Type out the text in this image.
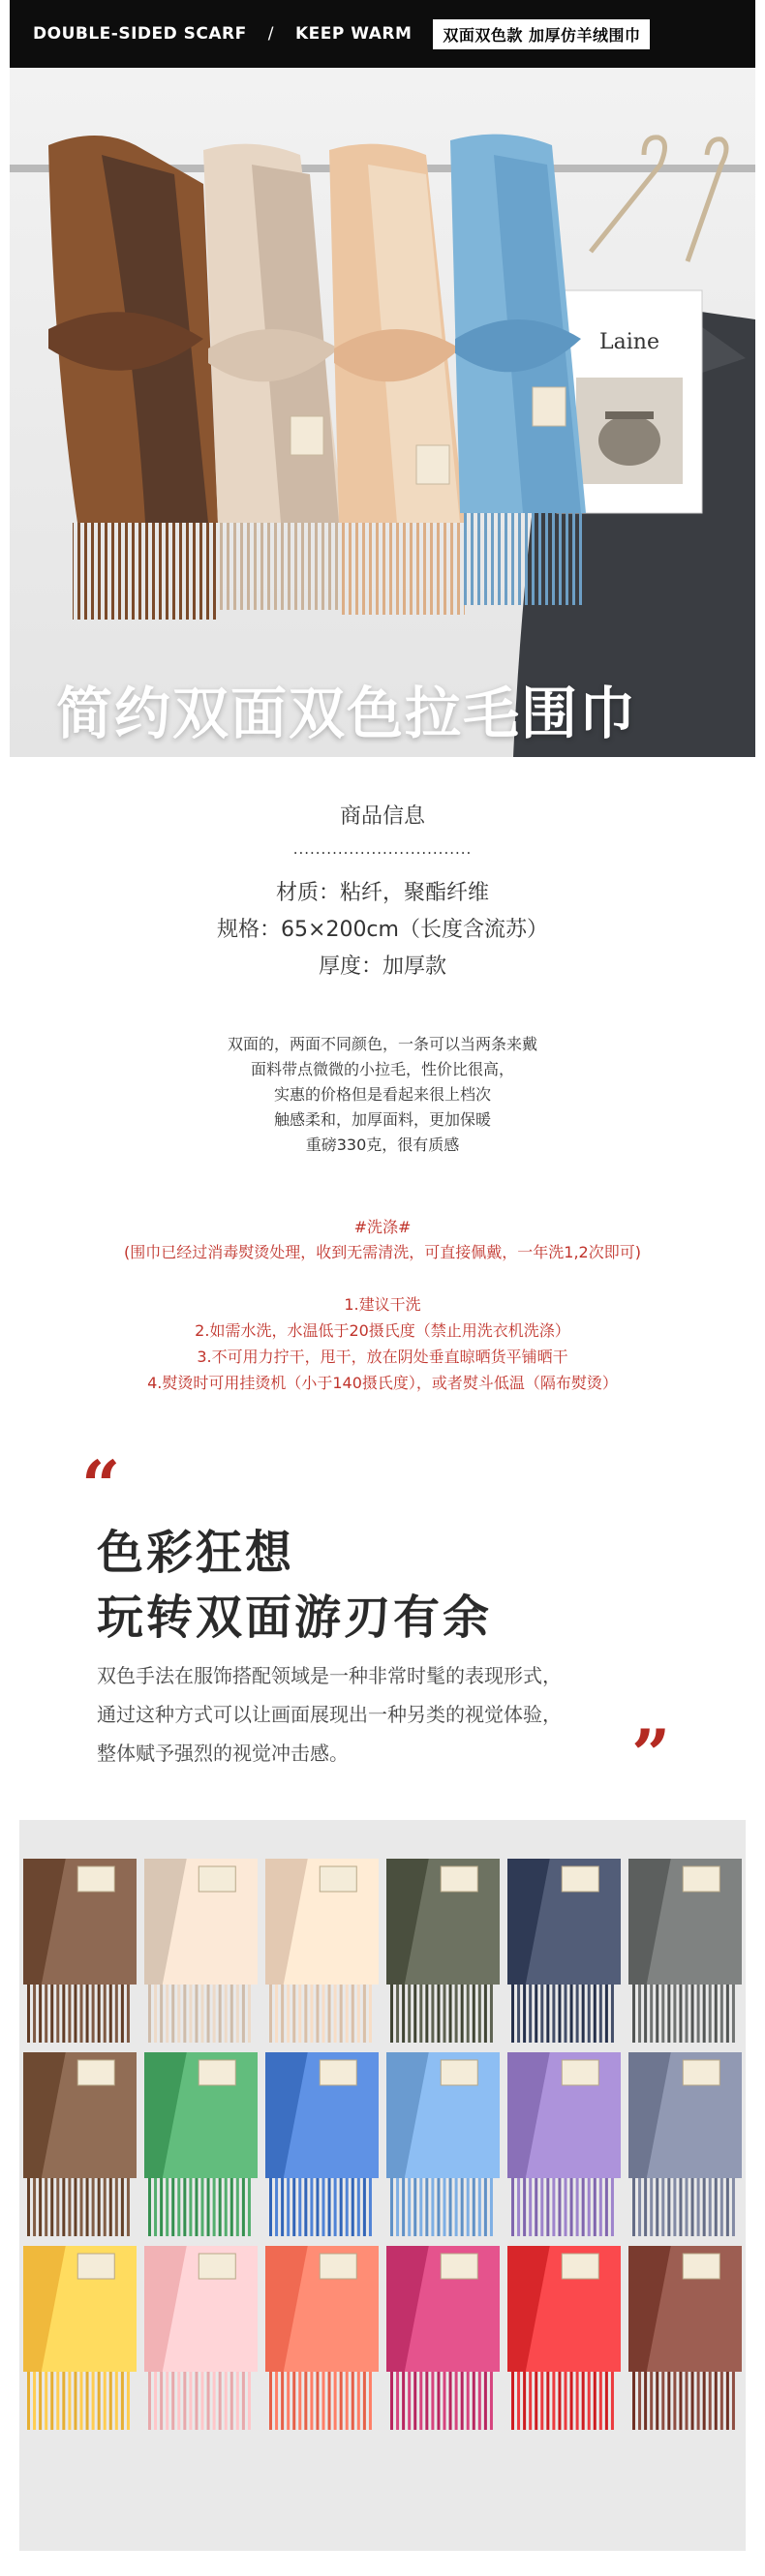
DOUBLE-SIDED SCARF / KEEP WARM	双面双色款 加厚仿羊绒围巾
Laine
简约双面双色拉毛围巾
商品信息
................................
材质：粘纤，聚酯纤维
规格：65×200cm（长度含流苏）
厚度：加厚款
双面的，两面不同颜色，一条可以当两条来戴
面料带点微微的小拉毛，性价比很高，
实惠的价格但是看起来很上档次
触感柔和，加厚面料，更加保暖
重磅330克，很有质感
#洗涤#
(围巾已经过消毒熨烫处理，收到无需清洗，可直接佩戴，一年洗1,2次即可)
1.建议干洗
2.如需水洗，水温低于20摄氏度（禁止用洗衣机洗涤）
3.不可用力拧干，甩干，放在阴处垂直晾晒货平铺晒干
4.熨烫时可用挂烫机（小于140摄氏度），或者熨斗低温（隔布熨烫）
“
色彩狂想
玩转双面游刃有余
双色手法在服饰搭配领域是一种非常时髦的表现形式，
通过这种方式可以让画面展现出一种另类的视觉体验，
整体赋予强烈的视觉冲击感。	”
